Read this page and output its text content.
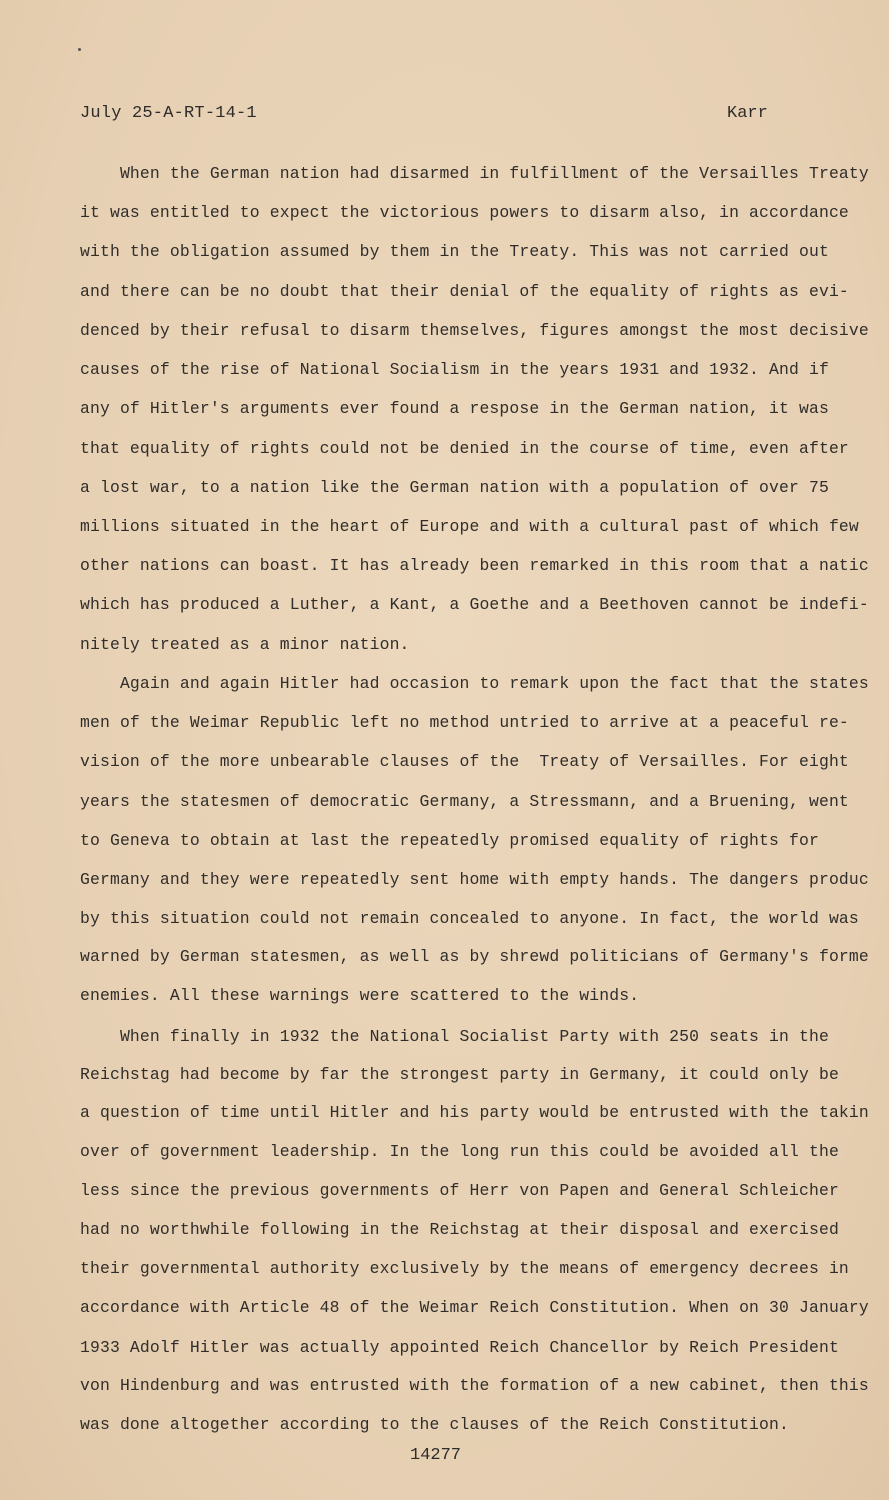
July 25-A-RT-14-1	Karr
When the German nation had disarmed in fulfillment of the Versailles Treaty
it was entitled to expect the victorious powers to disarm also, in accordance
with the obligation assumed by them in the Treaty. This was not carried out
and there can be no doubt that their denial of the equality of rights as evi-
denced by their refusal to disarm themselves, figures amongst the most decisive
causes of the rise of National Socialism in the years 1931 and 1932. And if
any of Hitler's arguments ever found a respose in the German nation, it was
that equality of rights could not be denied in the course of time, even after
a lost war, to a nation like the German nation with a population of over 75
millions situated in the heart of Europe and with a cultural past of which few
other nations can boast. It has already been remarked in this room that a natic
which has produced a Luther, a Kant, a Goethe and a Beethoven cannot be indefi-
nitely treated as a minor nation.
Again and again Hitler had occasion to remark upon the fact that the states
men of the Weimar Republic left no method untried to arrive at a peaceful re-
vision of the more unbearable clauses of the  Treaty of Versailles. For eight
years the statesmen of democratic Germany, a Stressmann, and a Bruening, went
to Geneva to obtain at last the repeatedly promised equality of rights for
Germany and they were repeatedly sent home with empty hands. The dangers produc
by this situation could not remain concealed to anyone. In fact, the world was
warned by German statesmen, as well as by shrewd politicians of Germany's forme
enemies. All these warnings were scattered to the winds.
When finally in 1932 the National Socialist Party with 250 seats in the
Reichstag had become by far the strongest party in Germany, it could only be
a question of time until Hitler and his party would be entrusted with the takin
over of government leadership. In the long run this could be avoided all the
less since the previous governments of Herr von Papen and General Schleicher
had no worthwhile following in the Reichstag at their disposal and exercised
their governmental authority exclusively by the means of emergency decrees in
accordance with Article 48 of the Weimar Reich Constitution. When on 30 January
1933 Adolf Hitler was actually appointed Reich Chancellor by Reich President
von Hindenburg and was entrusted with the formation of a new cabinet, then this
was done altogether according to the clauses of the Reich Constitution.
14277
